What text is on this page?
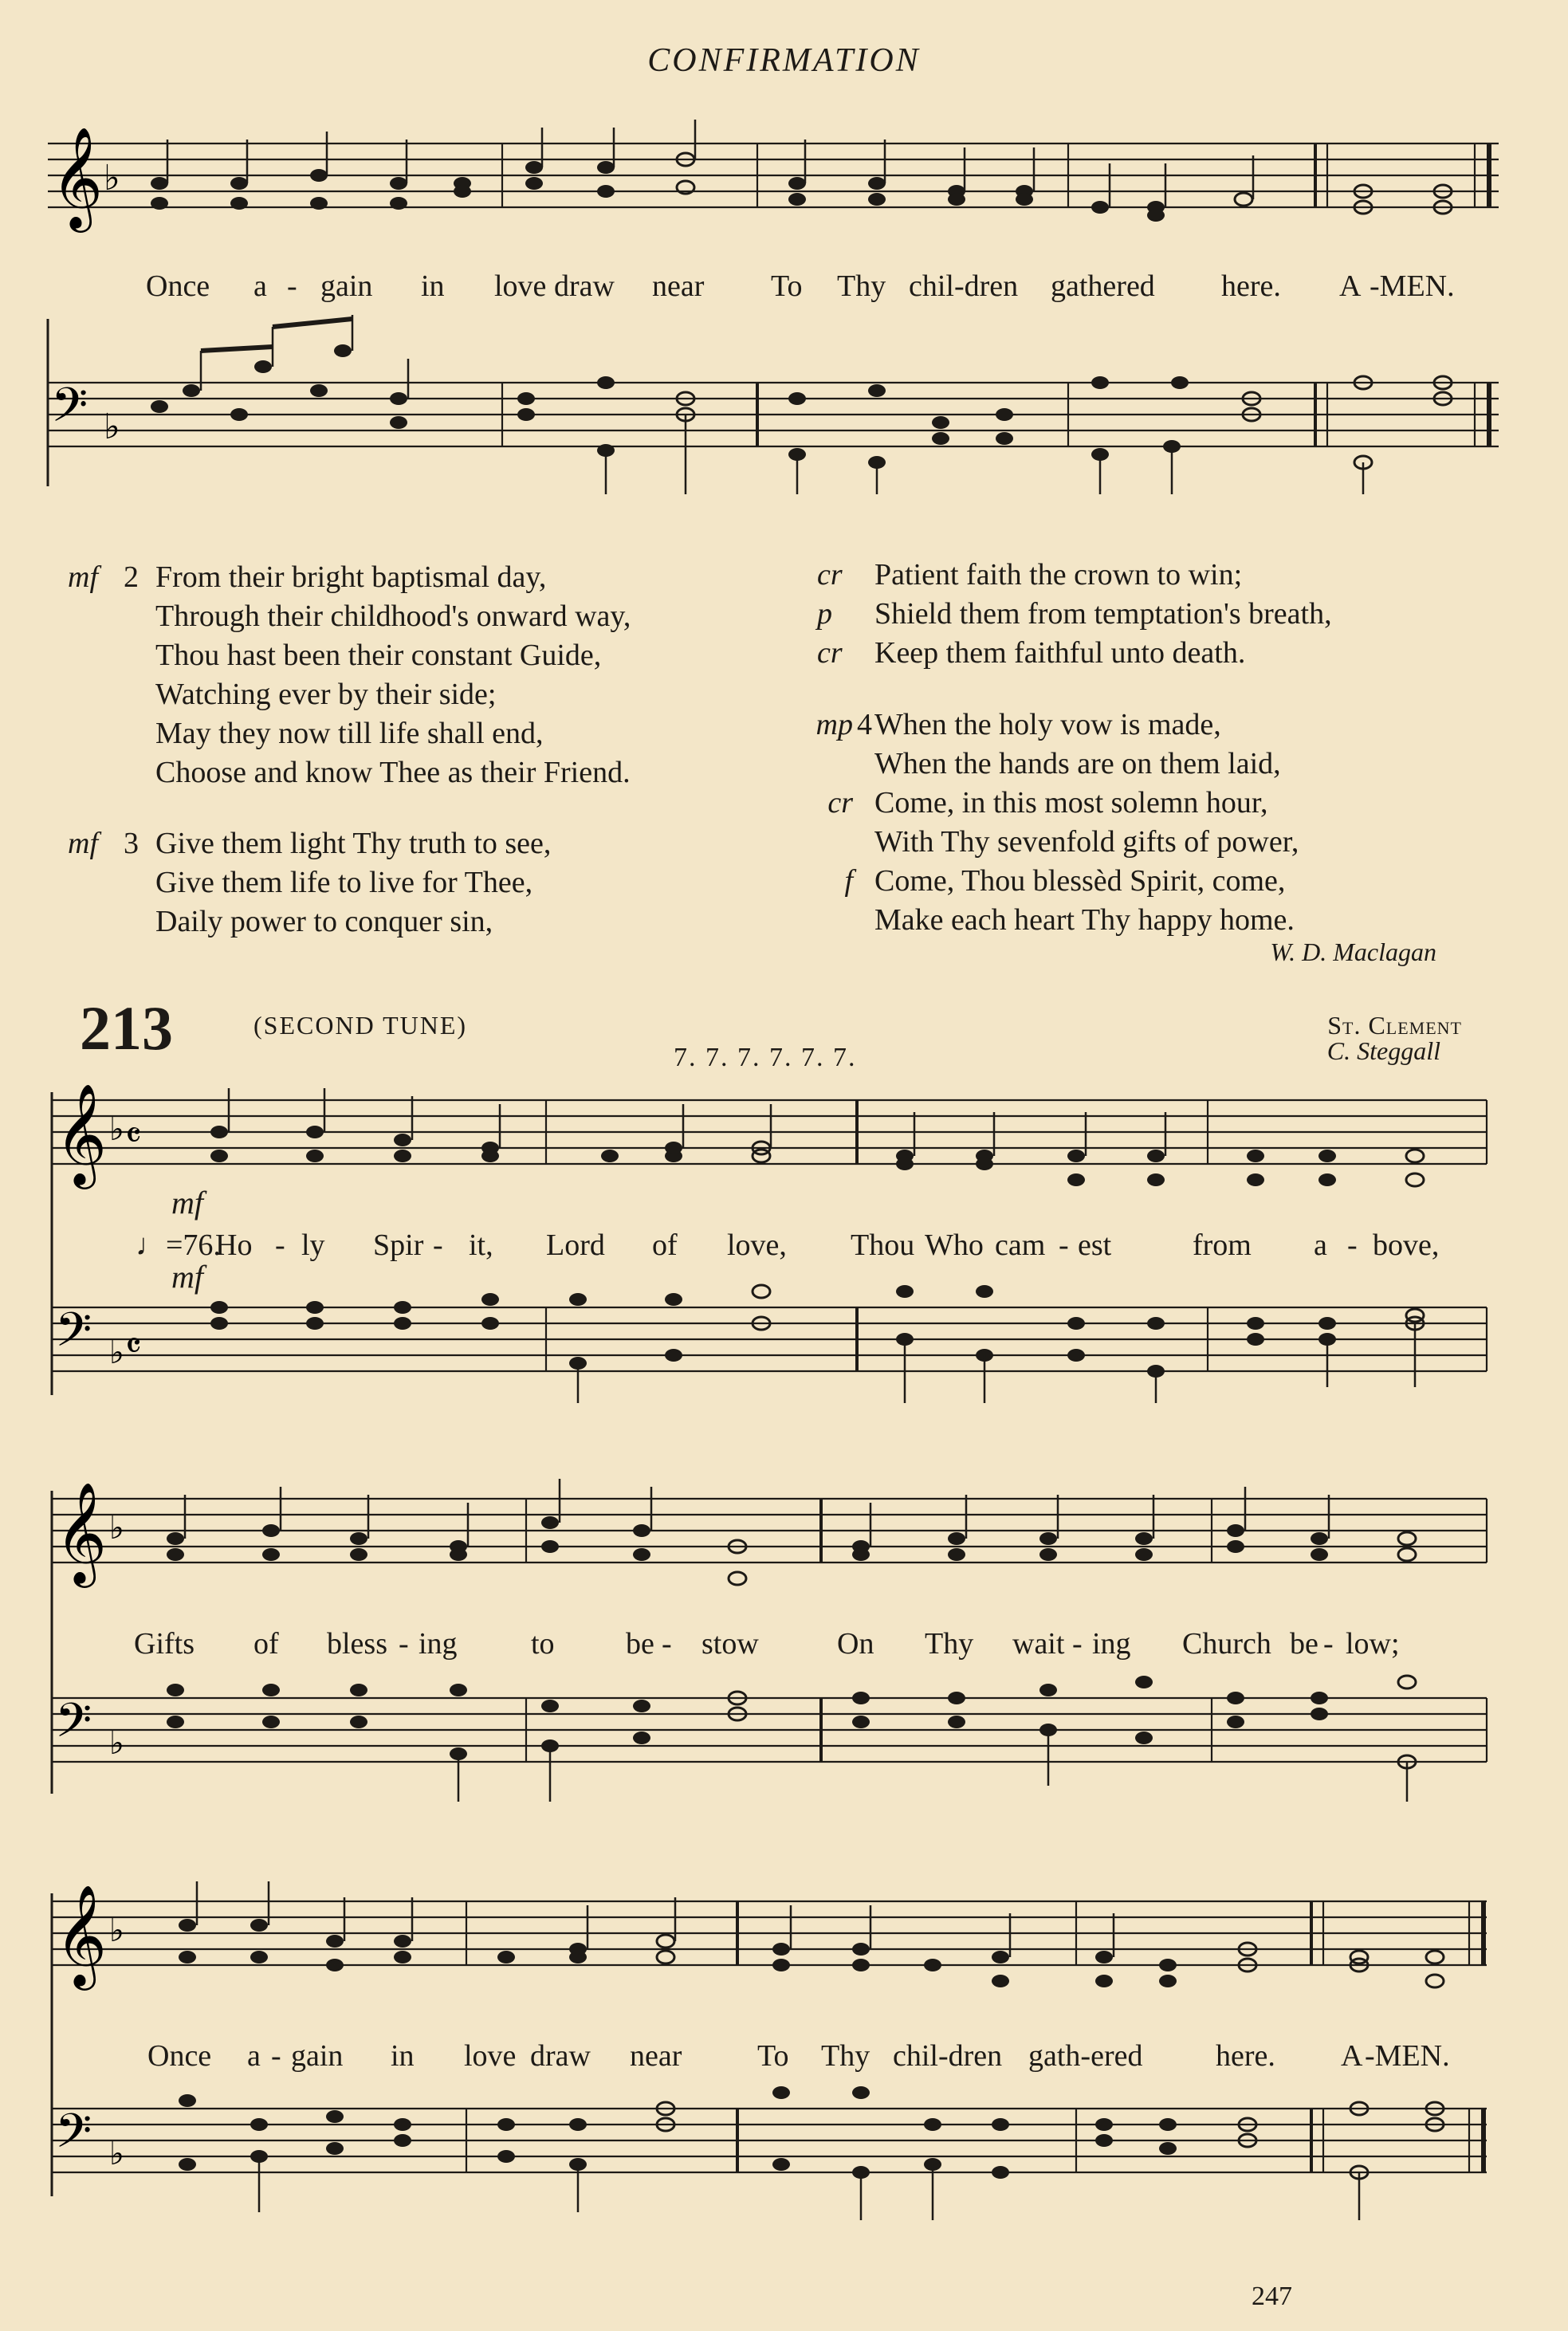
CONFIRMATION
𝄞 ♭
Once a - gain in love draw near To Thy chil-dren gathered here. A -MEN.
𝄢 ♭
mf 2 From their bright baptismal day,
Through their childhood's onward way,
Thou hast been their constant Guide,
Watching ever by their side;
May they now till life shall end,
Choose and know Thee as their Friend.
mf 3 Give them light Thy truth to see,
Give them life to live for Thee,
Daily power to conquer sin,
cr
p
cr
Patient faith the crown to win;
Shield them from temptation's breath,
Keep them faithful unto death.
mp

cr

f
4 When the holy vow is made,
When the hands are on them laid,
Come, in this most solemn hour,
With Thy sevenfold gifts of power,
Come, Thou blessèd Spirit, come,
Make each heart Thy happy home.
W. D. Maclagan
213	(SECOND TUNE)
7. 7. 7. 7. 7. 7.
St. Clement
C. Steggall
𝄞 ♭ 𝄴
mf
♩=76.
Ho - ly Spir - it, Lord of love, Thou Who cam - est	from a - bove,
mf
𝄢 ♭ 𝄴
𝄞 ♭
Gifts of bless - ing to be - stow	On Thy wait - ing Church be - low;
𝄢 ♭
𝄞 ♭
Once a - gain in love draw near To Thy chil-dren gath-ered here. A -MEN.
𝄢 ♭
247
